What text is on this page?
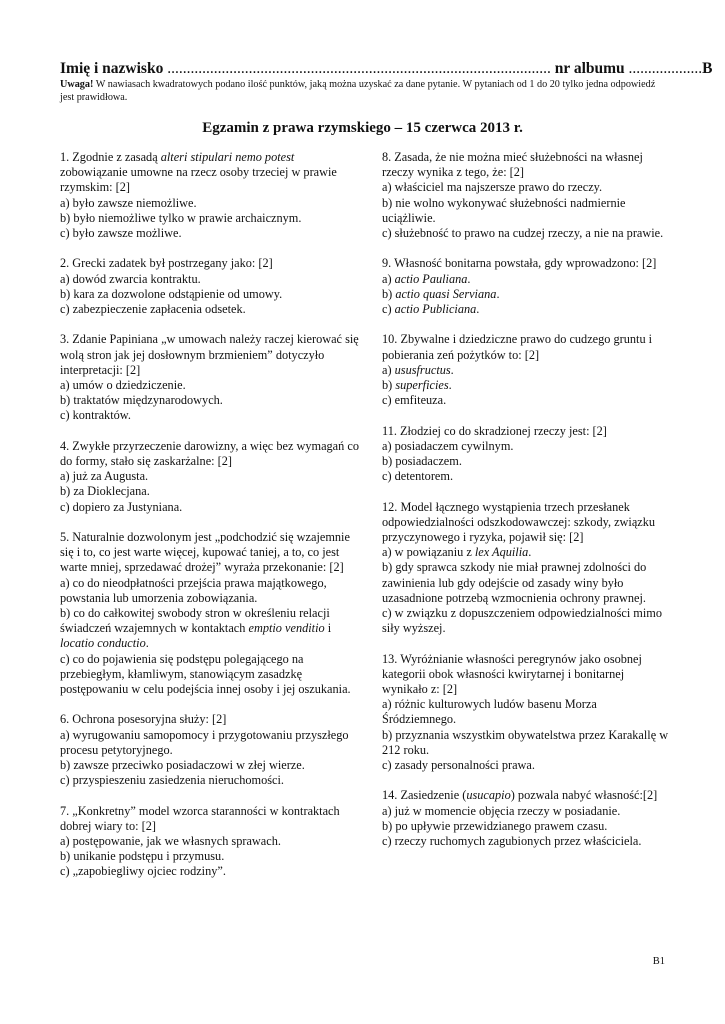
Imię i nazwisko ................................................................................................... nr albumu ...................B
Uwaga! W nawiasach kwadratowych podano ilość punktów, jaką można uzyskać za dane pytanie. W pytaniach od 1 do 20 tylko jedna odpowiedź jest prawidłowa.
Egzamin z prawa rzymskiego – 15 czerwca 2013 r.

1. Zgodnie z zasadą alteri stipulari nemo potest zobowiązanie umowne na rzecz osoby trzeciej w prawie rzymskim: [2]

a) było zawsze niemożliwe.

b) było niemożliwe tylko w prawie archaicznym.

c) było zawsze możliwe.

2. Grecki zadatek był postrzegany jako: [2]

a) dowód zwarcia kontraktu.

b) kara za dozwolone odstąpienie od umowy.

c) zabezpieczenie zapłacenia odsetek.

3. Zdanie Papiniana „w umowach należy raczej kierować się wolą stron jak jej dosłownym brzmieniem” dotyczyło interpretacji: [2]

a) umów o dziedziczenie.

b) traktatów międzynarodowych.

c) kontraktów.

4. Zwykłe przyrzeczenie darowizny, a więc bez wymagań co do formy, stało się zaskarżalne: [2]

a) już za Augusta.

b) za Dioklecjana.

c) dopiero za Justyniana.

5. Naturalnie dozwolonym jest „podchodzić się wzajemnie się i to, co jest warte więcej, kupować taniej, a to, co jest warte mniej, sprzedawać drożej” wyraża przekonanie: [2]

a) co do nieodpłatności przejścia prawa majątkowego, powstania lub umorzenia zobowiązania.

b) co do całkowitej swobody stron w określeniu relacji świadczeń wzajemnych w kontaktach emptio venditio i locatio conductio.

c) co do pojawienia się podstępu polegającego na przebiegłym, kłamliwym, stanowiącym zasadzkę postępowaniu w celu podejścia innej osoby i jej oszukania.

6. Ochrona posesoryjna służy: [2]

a) wyrugowaniu samopomocy i przygotowaniu przyszłego procesu petytoryjnego.

b) zawsze przeciwko posiadaczowi w złej wierze.

c) przyspieszeniu zasiedzenia nieruchomości.

7. „Konkretny” model wzorca staranności w kontraktach dobrej wiary to: [2]

a) postępowanie, jak we własnych sprawach.

b) unikanie podstępu i przymusu.

c) „zapobiegliwy ojciec rodziny”.

8. Zasada, że nie można mieć służebności na własnej rzeczy wynika z tego, że: [2]

a) właściciel ma najszersze prawo do rzeczy.

b) nie wolno wykonywać służebności nadmiernie uciążliwie.

c) służebność to prawo na cudzej rzeczy, a nie na prawie.

9. Własność bonitarna powstała, gdy wprowadzono: [2]

a) actio Pauliana.

b) actio quasi Serviana.

c) actio Publiciana.

10. Zbywalne i dziedziczne prawo do cudzego gruntu i pobierania zeń pożytków to: [2]

a) ususfructus.

b) superficies.

c) emfiteuza.

11. Złodziej co do skradzionej rzeczy jest: [2]

a) posiadaczem cywilnym.

b) posiadaczem.

c) detentorem.

12. Model łącznego wystąpienia trzech przesłanek odpowiedzialności odszkodowawczej: szkody, związku przyczynowego i ryzyka, pojawił się: [2]

a) w powiązaniu z lex Aquilia.

b) gdy sprawca szkody nie miał prawnej zdolności do zawinienia lub gdy odejście od zasady winy było uzasadnione potrzebą wzmocnienia ochrony prawnej.

c) w związku z dopuszczeniem odpowiedzialności mimo siły wyższej.

13. Wyróżnianie własności peregrynów jako osobnej kategorii obok własności kwirytarnej i bonitarnej wynikało z: [2]

a) różnic kulturowych ludów basenu Morza Śródziemnego.

b) przyznania wszystkim obywatelstwa przez Karakallę w 212 roku.

c) zasady personalności prawa.

14. Zasiedzenie (usucapio) pozwala nabyć własność:[2]

a) już w momencie objęcia rzeczy w posiadanie.

b) po upływie przewidzianego prawem czasu.

c) rzeczy ruchomych zagubionych przez właściciela.

B1
